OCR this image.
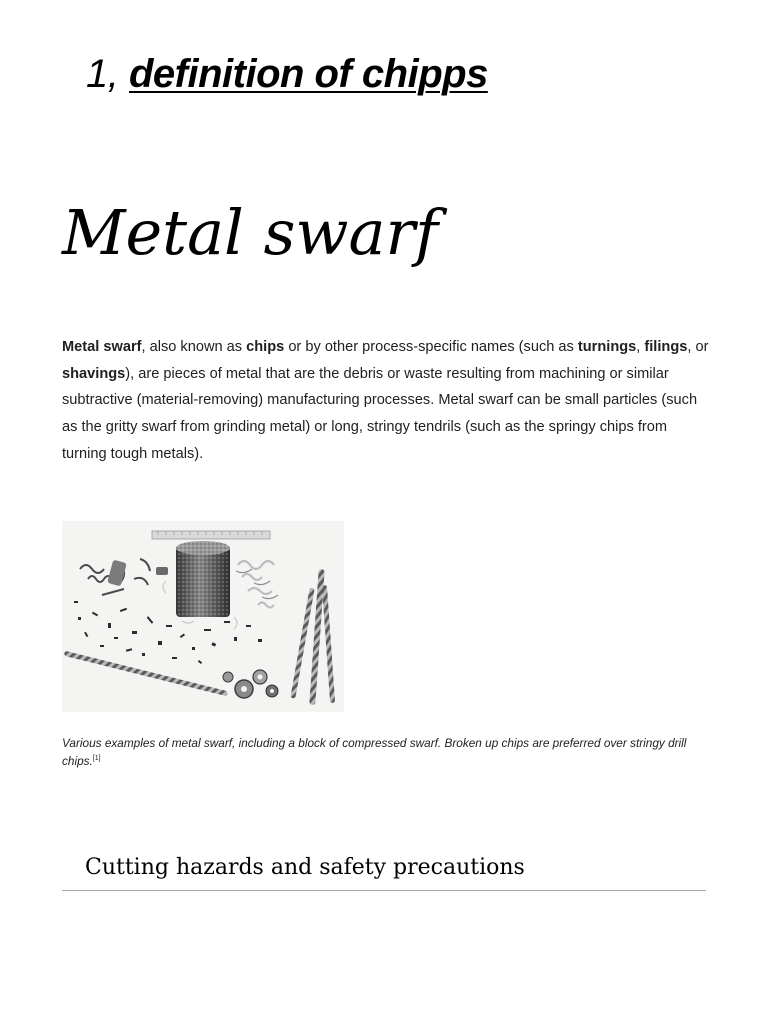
1, definition of chipps
Metal swarf

Metal swarf, also known as chips or by other process-specific names (such as turnings, filings, or shavings), are pieces of metal that are the debris or waste resulting from machining or similar subtractive (material-removing) manufacturing processes. Metal swarf can be small particles (such as the gritty swarf from grinding metal) or long, stringy tendrils (such as the springy chips from turning tough metals).

Various examples of metal swarf, including a block of compressed swarf. Broken up chips are preferred over stringy drill chips.[1]

Cutting hazards and safety precautions
